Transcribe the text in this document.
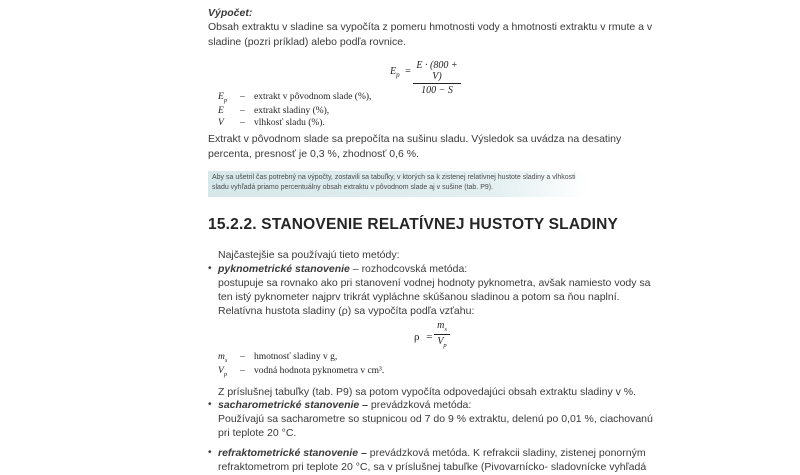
Výpočet:
Obsah extraktu v sladine sa vypočíta z pomeru hmotnosti vody a hmotnosti extraktu v rmute a v
sladine (pozri príklad) alebo podľa rovnice.
$E_p$ =
E · (800 + V)
100 − S
$E_p$ – extrakt v pôvodnom slade (%),
E – extrakt sladiny (%),
V – vlhkosť sladu (%).
Extrakt v pôvodnom slade sa prepočíta na sušinu sladu. Výsledok sa uvádza na desatiny
percenta, presnosť je 0,3 %, zhodnosť 0,6 %.
Aby sa ušetril čas potrebný na výpočty, zostavili sa tabuľky, v ktorých sa k zistenej relatívnej hustote sladiny a vlhkosti
sladu vyhľadá priamo percentuálny obsah extraktu v pôvodnom slade aj v sušine (tab. P9).
15.2.2. STANOVENIE RELATÍVNEJ HUSTOTY SLADINY
Najčastejšie sa používajú tieto metódy:
• pyknometrické stanovenie – rozhodcovská metóda:
postupuje sa rovnako ako pri stanovení vodnej hodnoty pyknometra, avšak namiesto vody sa
ten istý pyknometer najprv trikrát vypláchne skúšanou sladinou a potom sa ňou naplní.
Relatívna hustota sladiny (ρ) sa vypočíta podľa vzťahu:
ρ =
$m_s$
$V_p$
$m_s$ – hmotnosť sladiny v g,
$V_p$ – vodná hodnota pyknometra v cm³.
Z príslušnej tabuľky (tab. P9) sa potom vypočíta odpovedajúci obsah extraktu sladiny v %.
• sacharometrické stanovenie – prevádzková metóda:
Používajú sa sacharometre so stupnicou od 7 do 9 % extraktu, delenú po 0,01 %, ciachovanú
pri teplote 20 °C.
• refraktometrické stanovenie – prevádzková metóda. K refrakcii sladiny, zistenej ponorným
refraktometrom pri teplote 20 °C, sa v príslušnej tabuľke (Pivovarnícko- sladovnícke vyhľadá
